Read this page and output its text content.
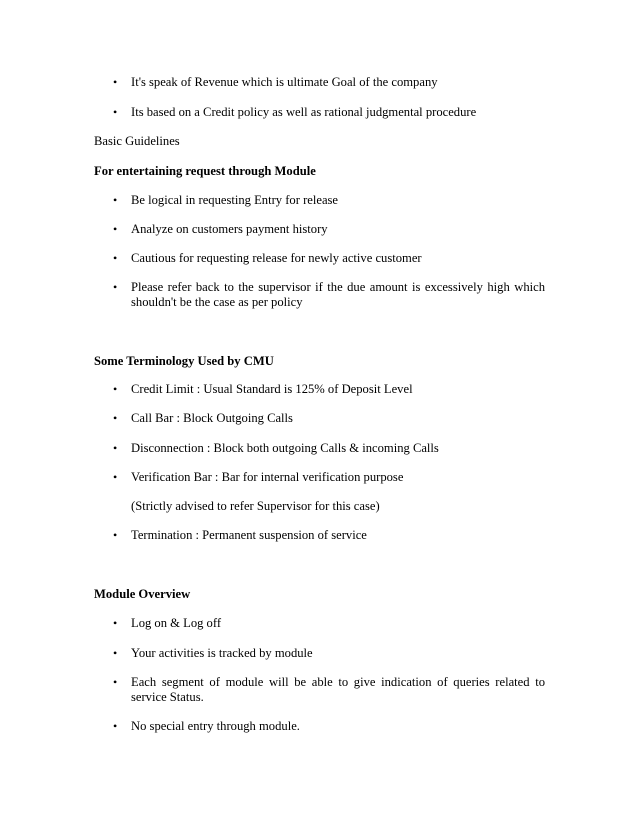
• It's speak of Revenue which is ultimate Goal of the company
• Its based on a Credit policy as well as rational judgmental procedure
Basic Guidelines
For entertaining request through Module
• Be logical in requesting Entry for release
• Analyze on customers payment history
• Cautious for requesting release for newly active customer
• Please refer back to the supervisor if the due amount is excessively high which shouldn't be the case as per policy
Some Terminology Used by CMU
• Credit Limit : Usual Standard is 125% of Deposit Level
• Call Bar : Block Outgoing Calls
• Disconnection : Block both outgoing Calls & incoming Calls
• Verification Bar : Bar for internal verification purpose
(Strictly advised to refer Supervisor for this case)
• Termination : Permanent suspension of service
Module Overview
• Log on & Log off
• Your activities is tracked by module
• Each segment of module will be able to give indication of queries related to service Status.
• No special entry through module.
